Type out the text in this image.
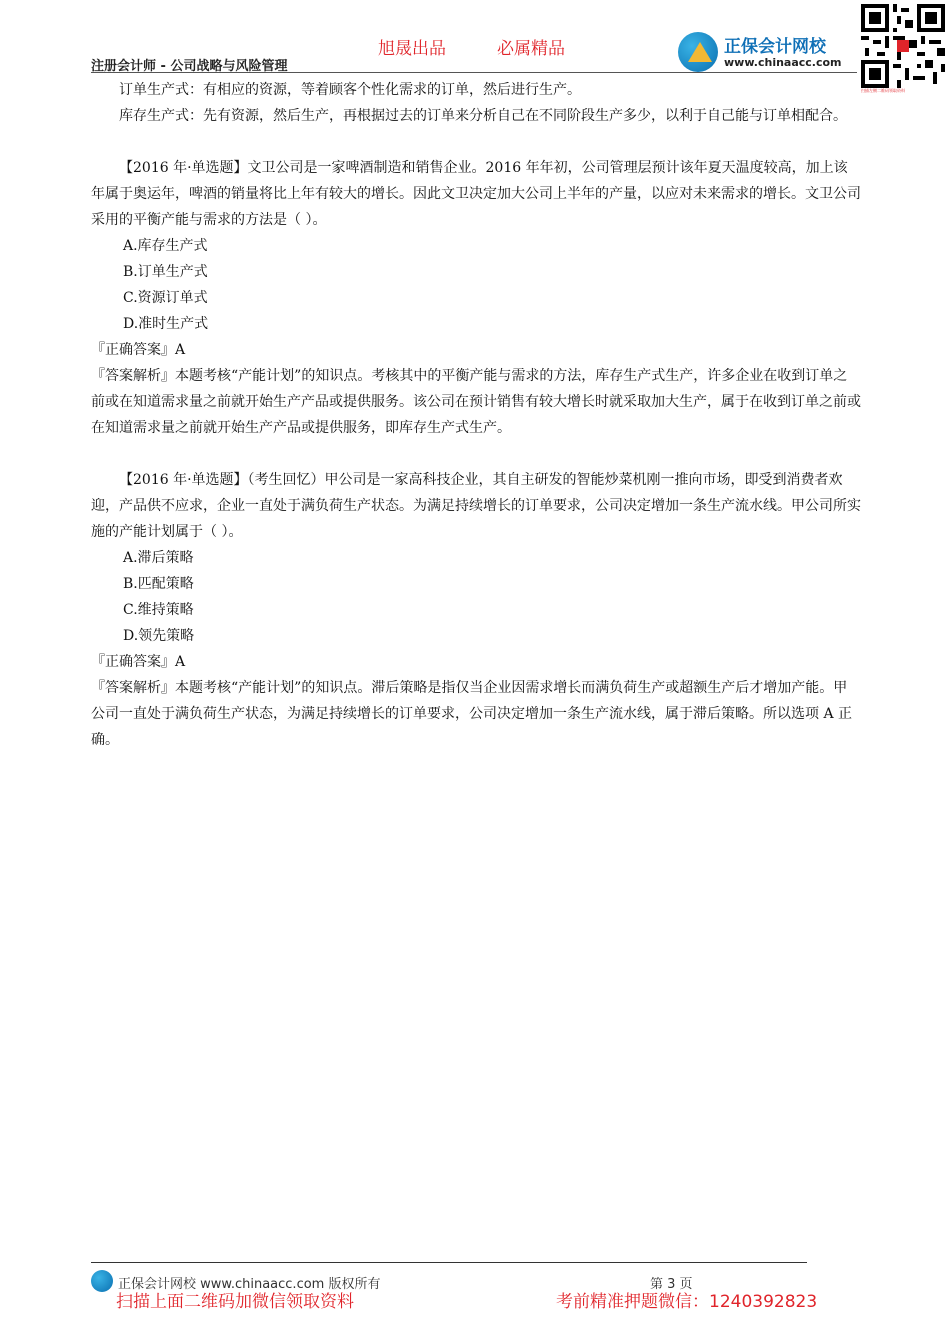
旭晟出品	必属精品
注册会计师 - 公司战略与风险管理
正保会计网校
www.chinaacc.com
扫描左侧二维码领取资料

订单生产式：有相应的资源，等着顾客个性化需求的订单，然后进行生产。

库存生产式：先有资源，然后生产，再根据过去的订单来分析自己在不同阶段生产多少，以利于自己能与订单相配合。

【2016 年·单选题】文卫公司是一家啤酒制造和销售企业。2016 年年初，公司管理层预计该年夏天温度较高，加上该年属于奥运年，啤酒的销量将比上年有较大的增长。因此文卫决定加大公司上半年的产量，以应对未来需求的增长。文卫公司采用的平衡产能与需求的方法是（ ）。

A.库存生产式

B.订单生产式

C.资源订单式

D.准时生产式

『正确答案』A

『答案解析』本题考核“产能计划”的知识点。考核其中的平衡产能与需求的方法，库存生产式生产，许多企业在收到订单之前或在知道需求量之前就开始生产产品或提供服务。该公司在预计销售有较大增长时就采取加大生产，属于在收到订单之前或在知道需求量之前就开始生产产品或提供服务，即库存生产式生产。

【2016 年·单选题】（考生回忆）甲公司是一家高科技企业，其自主研发的智能炒菜机刚一推向市场，即受到消费者欢迎，产品供不应求，企业一直处于满负荷生产状态。为满足持续增长的订单要求，公司决定增加一条生产流水线。甲公司所实施的产能计划属于（ ）。

A.滞后策略

B.匹配策略

C.维持策略

D.领先策略

『正确答案』A

『答案解析』本题考核“产能计划”的知识点。滞后策略是指仅当企业因需求增长而满负荷生产或超额生产后才增加产能。甲公司一直处于满负荷生产状态，为满足持续增长的订单要求，公司决定增加一条生产流水线，属于滞后策略。所以选项 A 正确。

正保会计网校 www.chinaacc.com 版权所有	第 3 页
扫描上面二维码加微信领取资料	考前精准押题微信：1240392823
